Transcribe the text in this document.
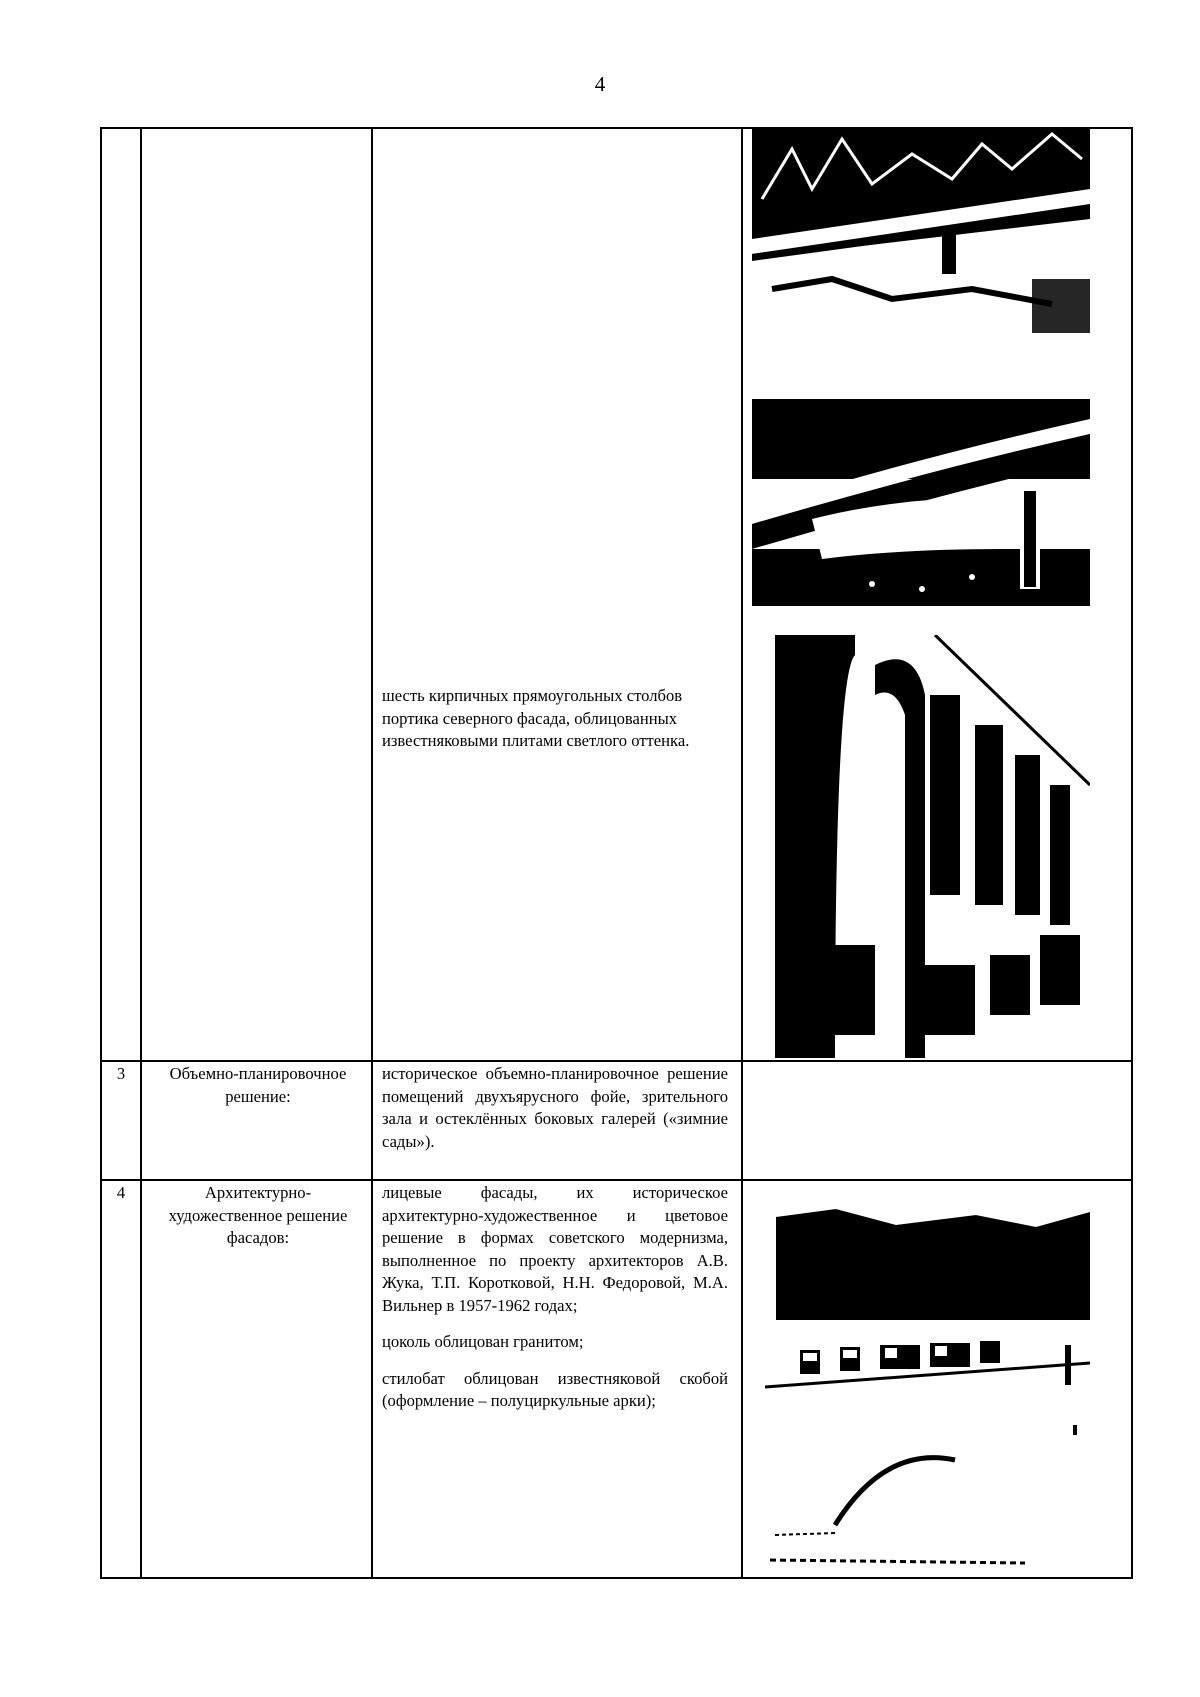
4

шесть кирпичных прямоугольных столбов портика северного фасада, облицованных известняковыми плитами светлого оттенка.

3	Объемно-планировочное решение:

историческое объемно-планировочное решение помещений двухъярусного фойе, зрительного зала и остеклённых боковых галерей («зимние сады»).

4	Архитектурно-художественное решение фасадов:

лицевые фасады, их историческое архитектурно-художественное и цветовое решение в формах советского модернизма, выполненное по проекту архитекторов А.В. Жука, Т.П. Коротковой, Н.Н. Федоровой, М.А. Вильнер в 1957-1962 годах;

цоколь облицован гранитом;

стилобат облицован известняковой скобой (оформление – полуциркульные арки);
